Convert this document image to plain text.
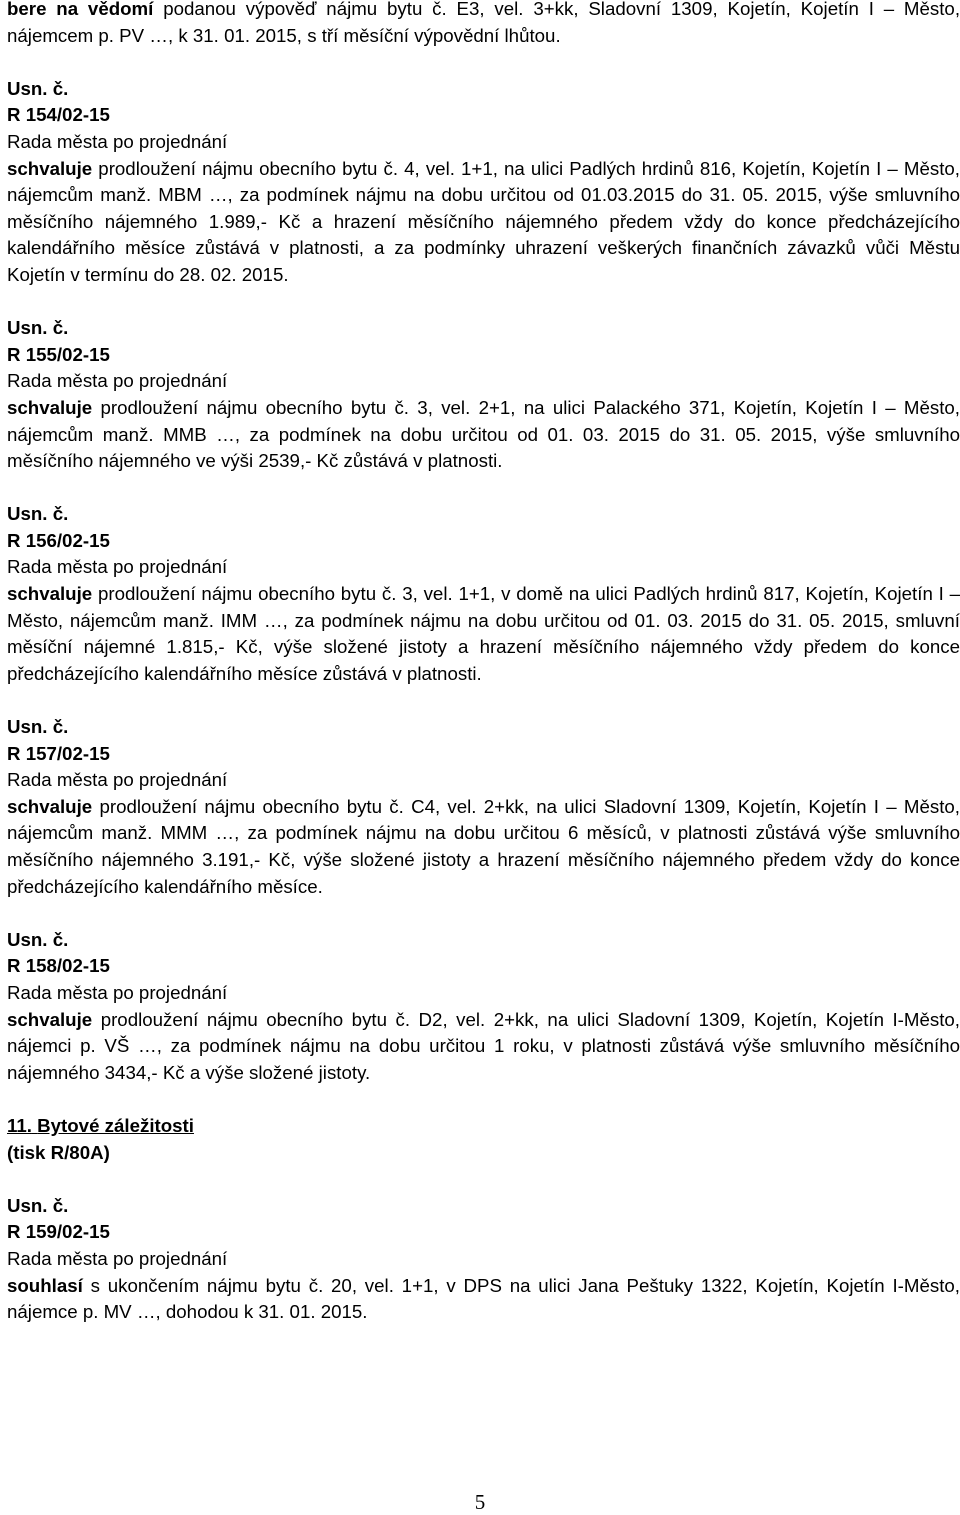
bere na vědomí podanou výpověď nájmu bytu č. E3, vel. 3+kk, Sladovní 1309, Kojetín, Kojetín I – Město, nájemcem p. PV …, k 31. 01. 2015, s tří měsíční výpovědní lhůtou.
Usn. č.
R 154/02-15
Rada města po projednání
schvaluje prodloužení nájmu obecního bytu č. 4, vel. 1+1, na ulici Padlých hrdinů 816, Kojetín, Kojetín I – Město, nájemcům manž. MBM …, za podmínek nájmu na dobu určitou od 01.03.2015 do 31. 05. 2015, výše smluvního měsíčního nájemného 1.989,- Kč a hrazení měsíčního nájemného předem vždy do konce předcházejícího kalendářního měsíce zůstává v platnosti, a za podmínky uhrazení veškerých finančních závazků vůči Městu Kojetín v termínu do 28. 02. 2015.
Usn. č.
R 155/02-15
Rada města po projednání
schvaluje prodloužení nájmu obecního bytu č. 3, vel. 2+1, na ulici Palackého 371, Kojetín, Kojetín I – Město, nájemcům manž. MMB …, za podmínek na dobu určitou od 01. 03. 2015 do 31. 05. 2015, výše smluvního měsíčního nájemného ve výši 2539,- Kč zůstává v platnosti.
Usn. č.
R 156/02-15
Rada města po projednání
schvaluje prodloužení nájmu obecního bytu č. 3, vel. 1+1, v domě na ulici Padlých hrdinů 817, Kojetín, Kojetín I – Město, nájemcům manž. IMM …, za podmínek nájmu na dobu určitou od 01. 03. 2015 do 31. 05. 2015, smluvní měsíční nájemné 1.815,- Kč, výše složené jistoty a hrazení měsíčního nájemného vždy předem do konce předcházejícího kalendářního měsíce zůstává v platnosti.
Usn. č.
R 157/02-15
Rada města po projednání
schvaluje prodloužení nájmu obecního bytu č. C4, vel. 2+kk, na ulici Sladovní 1309, Kojetín, Kojetín I – Město, nájemcům manž. MMM …, za podmínek nájmu na dobu určitou 6 měsíců, v platnosti zůstává výše smluvního měsíčního nájemného 3.191,- Kč, výše složené jistoty a hrazení měsíčního nájemného předem vždy do konce předcházejícího kalendářního měsíce.
Usn. č.
R 158/02-15
Rada města po projednání
schvaluje prodloužení nájmu obecního bytu č. D2, vel. 2+kk, na ulici Sladovní 1309, Kojetín, Kojetín I-Město, nájemci p. VŠ …, za podmínek nájmu na dobu určitou 1 roku, v platnosti zůstává výše smluvního měsíčního nájemného 3434,- Kč a výše složené jistoty.
11. Bytové záležitosti
(tisk R/80A)
Usn. č.
R 159/02-15
Rada města po projednání
souhlasí s ukončením nájmu bytu č. 20, vel. 1+1, v DPS na ulici Jana Peštuky 1322, Kojetín, Kojetín I-Město, nájemce p. MV …, dohodou k 31. 01. 2015.
5
